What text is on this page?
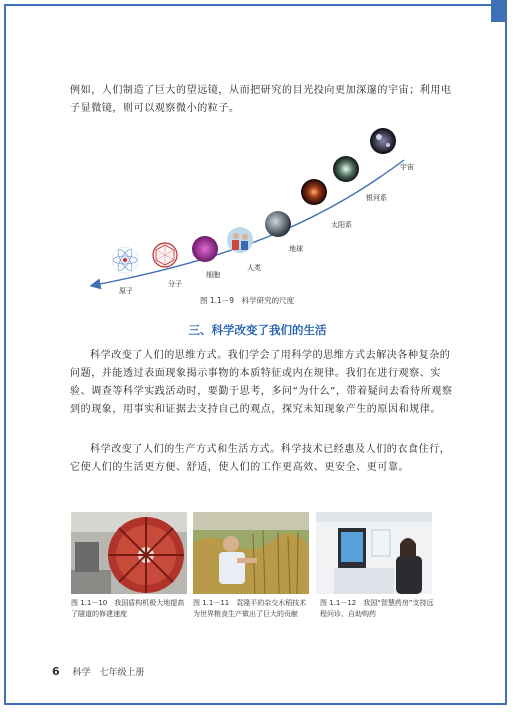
例如，人们制造了巨大的望远镜，从而把研究的目光投向更加深邃的宇宙；利用电子显微镜，则可以观察微小的粒子。
原子
分子
细胞
人类
地球
太阳系
银河系
宇宙
图 1.1－9　科学研究的尺度
三、科学改变了我们的生活
科学改变了人们的思维方式。我们学会了用科学的思维方式去解决各种复杂的问题，并能透过表面现象揭示事物的本质特征或内在规律。我们在进行观察、实验、调查等科学实践活动时，要勤于思考，多问“为什么”，带着疑问去看待所观察到的现象，用事实和证据去支持自己的观点，探究未知现象产生的原因和规律。
科学改变了人们的生产方式和生活方式。科学技术已经惠及人们的衣食住行，它使人们的生活更方便、舒适，使人们的工作更高效、更安全、更可靠。
图 1.1－10　我国盾构机极大地提高了隧道的修建速度
图 1.1－11　袁隆平的杂交水稻技术为世界粮食生产做出了巨大的贡献
图 1.1－12　我国“智慧药房”支持远程问诊、自助购药
6 科学　七年级上册
